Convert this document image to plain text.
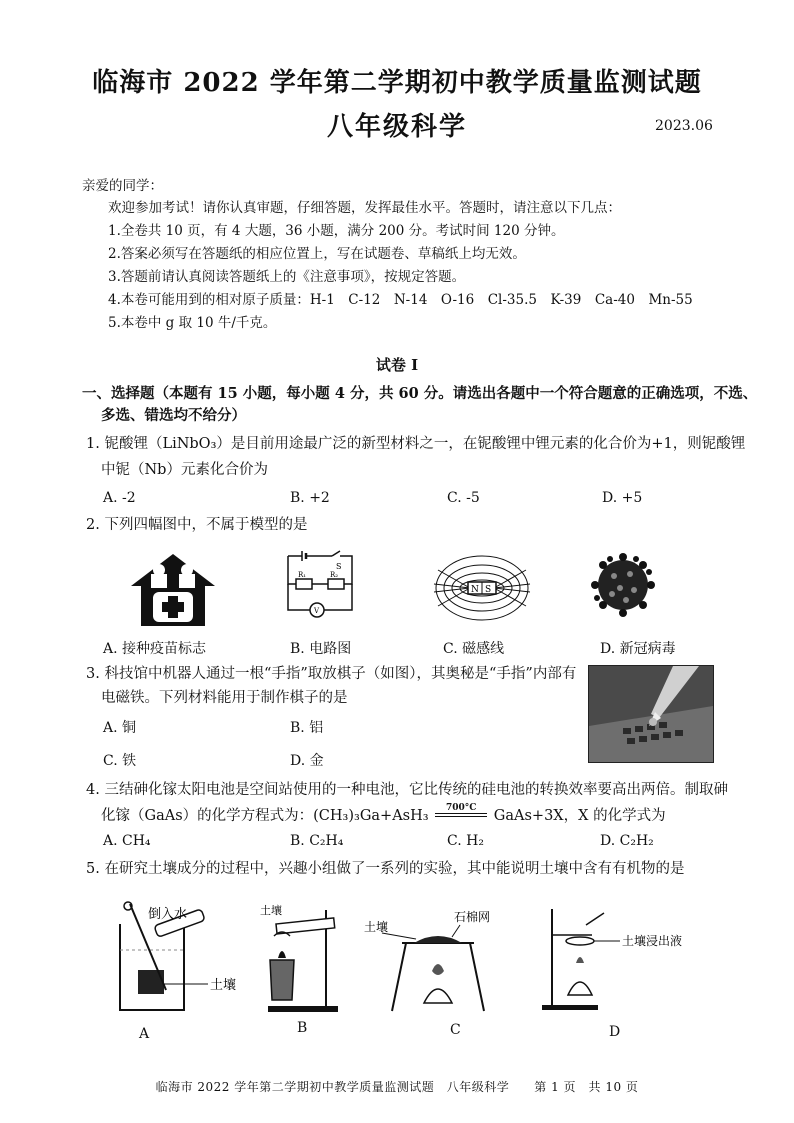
临海市 2022 学年第二学期初中教学质量监测试题
八年级科学	2023.06
亲爱的同学：
欢迎参加考试！请你认真审题，仔细答题，发挥最佳水平。答题时，请注意以下几点：
1.全卷共 10 页，有 4 大题，36 小题，满分 200 分。考试时间 120 分钟。
2.答案必须写在答题纸的相应位置上，写在试题卷、草稿纸上均无效。
3.答题前请认真阅读答题纸上的《注意事项》，按规定答题。
4.本卷可能用到的相对原子质量：H-1　C-12　N-14　O-16　Cl-35.5　K-39　Ca-40　Mn-55
5.本卷中 g 取 10 牛/千克。
试卷 I
一、选择题（本题有 15 小题，每小题 4 分，共 60 分。请选出各题中一个符合题意的正确选项，不选、
多选、错选均不给分）
1. 铌酸锂（LiNbO₃）是目前用途最广泛的新型材料之一，在铌酸锂中锂元素的化合价为+1，则铌酸锂
中铌（Nb）元素化合价为
A. -2	B. +2	C. -5	D. +5
2. 下列四幅图中，不属于模型的是
S
R₁	R₂
V
N S
A. 接种疫苗标志	B. 电路图	C. 磁感线	D. 新冠病毒
3. 科技馆中机器人通过一根“手指”取放棋子（如图），其奥秘是“手指”内部有
电磁铁。下列材料能用于制作棋子的是
A. 铜	B. 铝
C. 铁	D. 金
4. 三结砷化镓太阳电池是空间站使用的一种电池，它比传统的硅电池的转换效率要高出两倍。制取砷
化镓（GaAs）的化学方程式为：(CH₃)₃Ga+AsH₃	700°C	GaAs+3X，X 的化学式为
A. CH₄	B. C₂H₄	C. H₂	D. C₂H₂
5. 在研究土壤成分的过程中，兴趣小组做了一系列的实验，其中能说明土壤中含有有机物的是
倒入水
土壤
土壤
土壤
石棉网
土壤浸出液
A	B	C	D
临海市 2022 学年第二学期初中教学质量监测试题　八年级科学　　第 1 页　共 10 页
